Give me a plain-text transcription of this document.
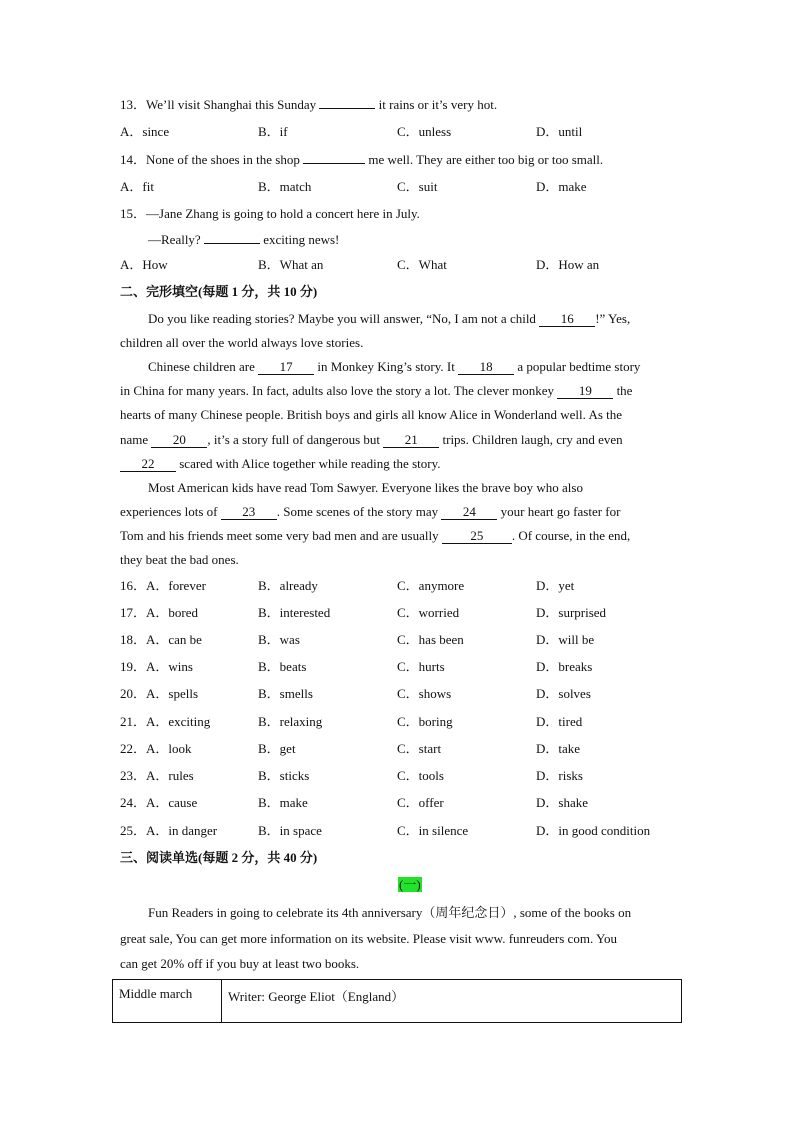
13．We’ll visit Shanghai this Sunday	it rains or it’s very hot.
A．since	B．if	C．unless	D．until
14．None of the shoes in the shop	me well. They are either too big or too small.
A．fit	B．match	C．suit	D．make
15．—Jane Zhang is going to hold a concert here in July.
—Really?	exciting news!
A．How	B．What an	C．What	D．How an
二、完形填空(每题 1 分，共 10 分)
Do you like reading stories? Maybe you will answer, “No, I am not a child 16 !” Yes,
children all over the world always love stories.
Chinese children are 17 in Monkey King’s story. It 18 a popular bedtime story
in China for many years. In fact, adults also love the story a lot. The clever monkey 19 the
hearts of many Chinese people. British boys and girls all know Alice in Wonderland well. As the
name 20 , it’s a story full of dangerous but 21 trips. Children laugh, cry and even
22 scared with Alice together while reading the story.
Most American kids have read Tom Sawyer. Everyone likes the brave boy who also
experiences lots of 23 . Some scenes of the story may 24 your heart go faster for
Tom and his friends meet some very bad men and are usually 25 . Of course, in the end,
they beat the bad ones.
16．A．forever	B．already	C．anymore	D．yet
17．A．bored	B．interested	C．worried	D．surprised
18．A．can be	B．was	C．has been	D．will be
19．A．wins	B．beats	C．hurts	D．breaks
20．A．spells	B．smells	C．shows	D．solves
21．A．exciting	B．relaxing	C．boring	D．tired
22．A．look	B．get	C．start	D．take
23．A．rules	B．sticks	C．tools	D．risks
24．A．cause	B．make	C．offer	D．shake
25．A．in danger	B．in space	C．in silence	D．in good condition
三、阅读单选(每题 2 分，共 40 分)
(一)
Fun Readers in going to celebrate its 4th anniversary（周年纪念日）, some of the books on
great sale, You can get more information on its website. Please visit www. funreuders com. You
can get 20% off if you buy at least two books.
Middle march	Writer: George Eliot（England）
